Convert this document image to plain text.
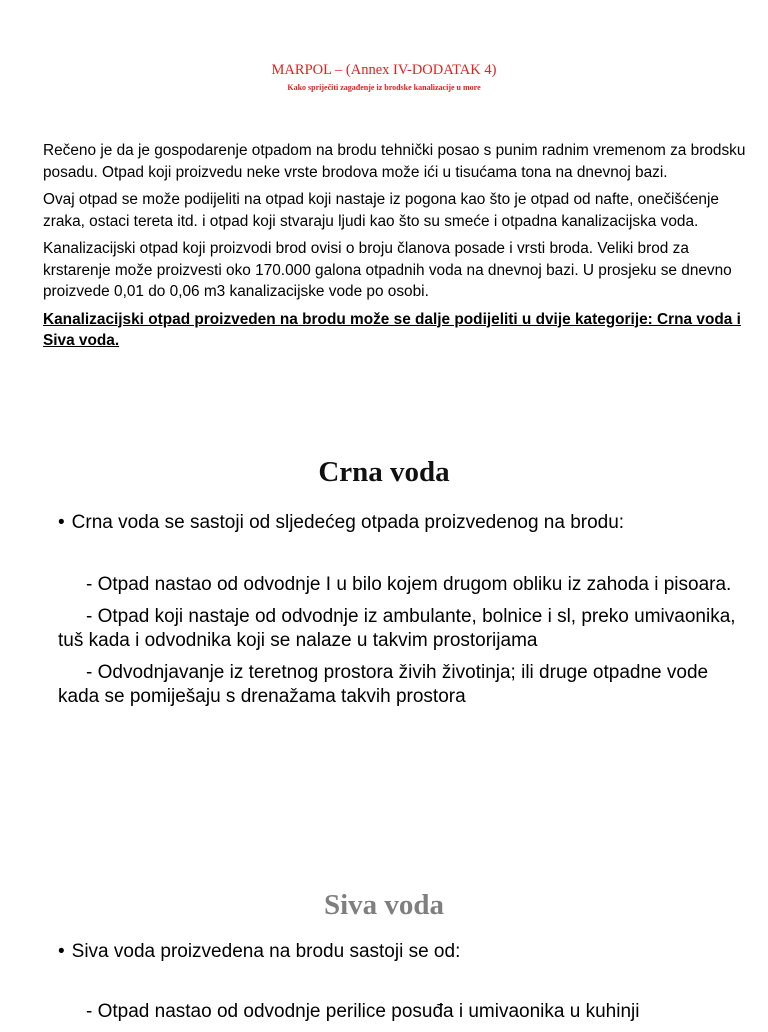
MARPOL – (Annex IV-DODATAK 4)
Kako spriječiti zagađenje iz brodske kanalizacije u more

Rečeno je da je gospodarenje otpadom na brodu tehnički posao s punim radnim vremenom za brodsku posadu. Otpad koji proizvedu neke vrste brodova može ići u tisućama tona na dnevnoj bazi.

Ovaj otpad se može podijeliti na otpad koji nastaje iz pogona kao što je otpad od nafte, onečišćenje zraka, ostaci tereta itd. i otpad koji stvaraju ljudi kao što su smeće i otpadna kanalizacijska voda.

Kanalizacijski otpad koji proizvodi brod ovisi o broju članova posade i vrsti broda. Veliki brod za krstarenje može proizvesti oko 170.000 galona otpadnih voda na dnevnoj bazi. U prosjeku se dnevno proizvede 0,01 do 0,06 m3 kanalizacijske vode po osobi.

Kanalizacijski otpad proizveden na brodu može se dalje podijeliti u dvije kategorije: Crna voda i Siva voda.

Crna voda
• Crna voda se sastoji od sljedećeg otpada proizvedenog na brodu:

- Otpad nastao od odvodnje I u bilo kojem drugom obliku iz zahoda i pisoara.

- Otpad koji nastaje od odvodnje iz ambulante, bolnice i sl, preko umivaonika, tuš kada i odvodnika koji se nalaze u takvim prostorijama

- Odvodnjavanje iz teretnog prostora živih životinja; ili druge otpadne vode kada se pomiješaju s drenažama takvih prostora

Siva voda
• Siva voda proizvedena na brodu sastoji se od:

- Otpad nastao od odvodnje perilice posuđa i umivaonika u kuhinji
